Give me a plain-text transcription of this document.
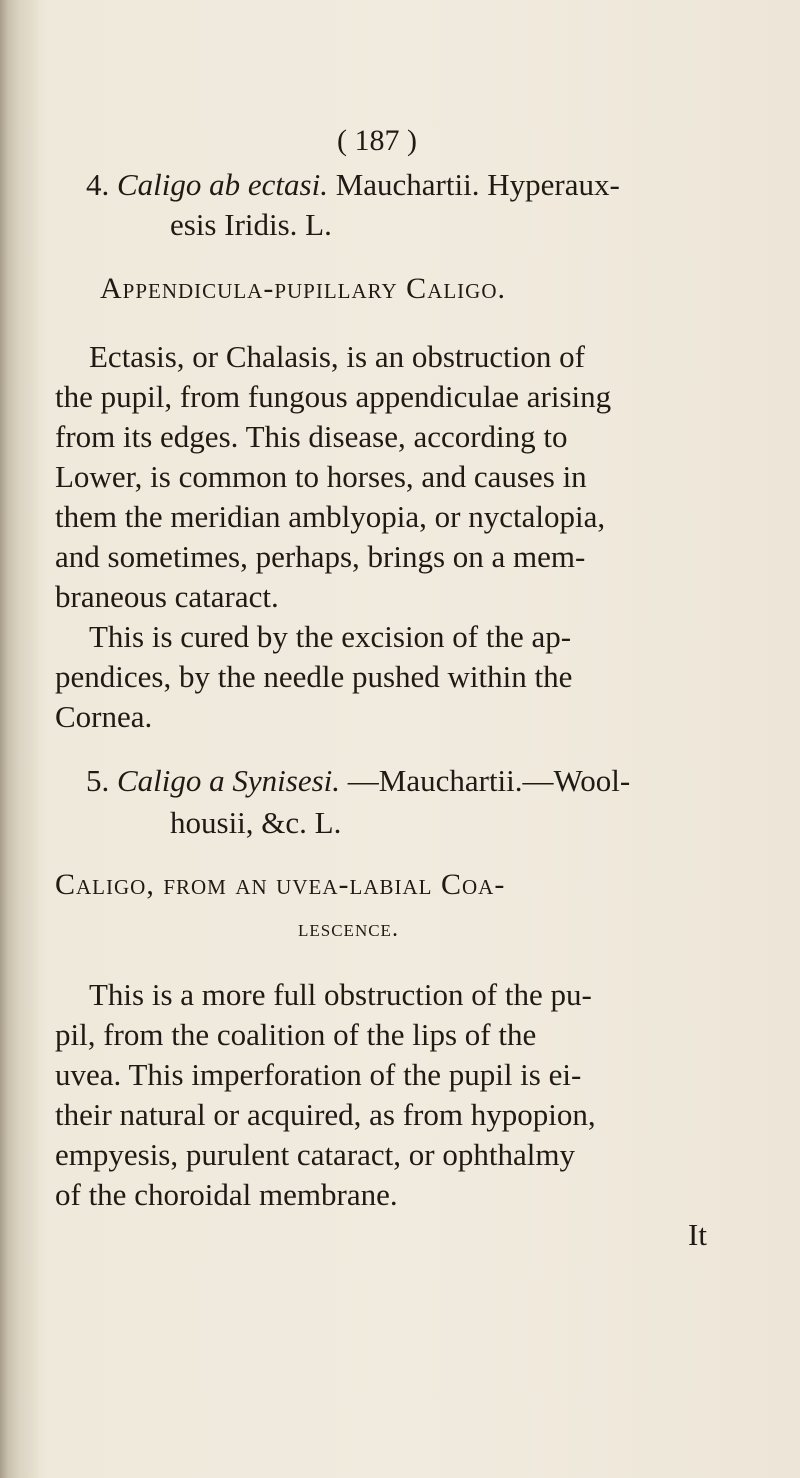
( 187 )
4. Caligo ab ectasi. Mauchartii. Hyperaux-
esis Iridis. L.
Appendicula-pupillary Caligo.
Ectasis, or Chalasis, is an obstruction of
the pupil, from fungous appendiculae arising
from its edges. This disease, according to
Lower, is common to horses, and causes in
them the meridian amblyopia, or nyctalopia,
and sometimes, perhaps, brings on a mem-
braneous cataract.
This is cured by the excision of the ap-
pendices, by the needle pushed within the
Cornea.
5. Caligo a Synisesi. —Mauchartii.—Wool-
housii, &c. L.
Caligo, from an uvea-labial Coa-
lescence.
This is a more full obstruction of the pu-
pil, from the coalition of the lips of the
uvea. This imperforation of the pupil is ei-
their natural or acquired, as from hypopion,
empyesis, purulent cataract, or ophthalmy
of the choroidal membrane.
It
